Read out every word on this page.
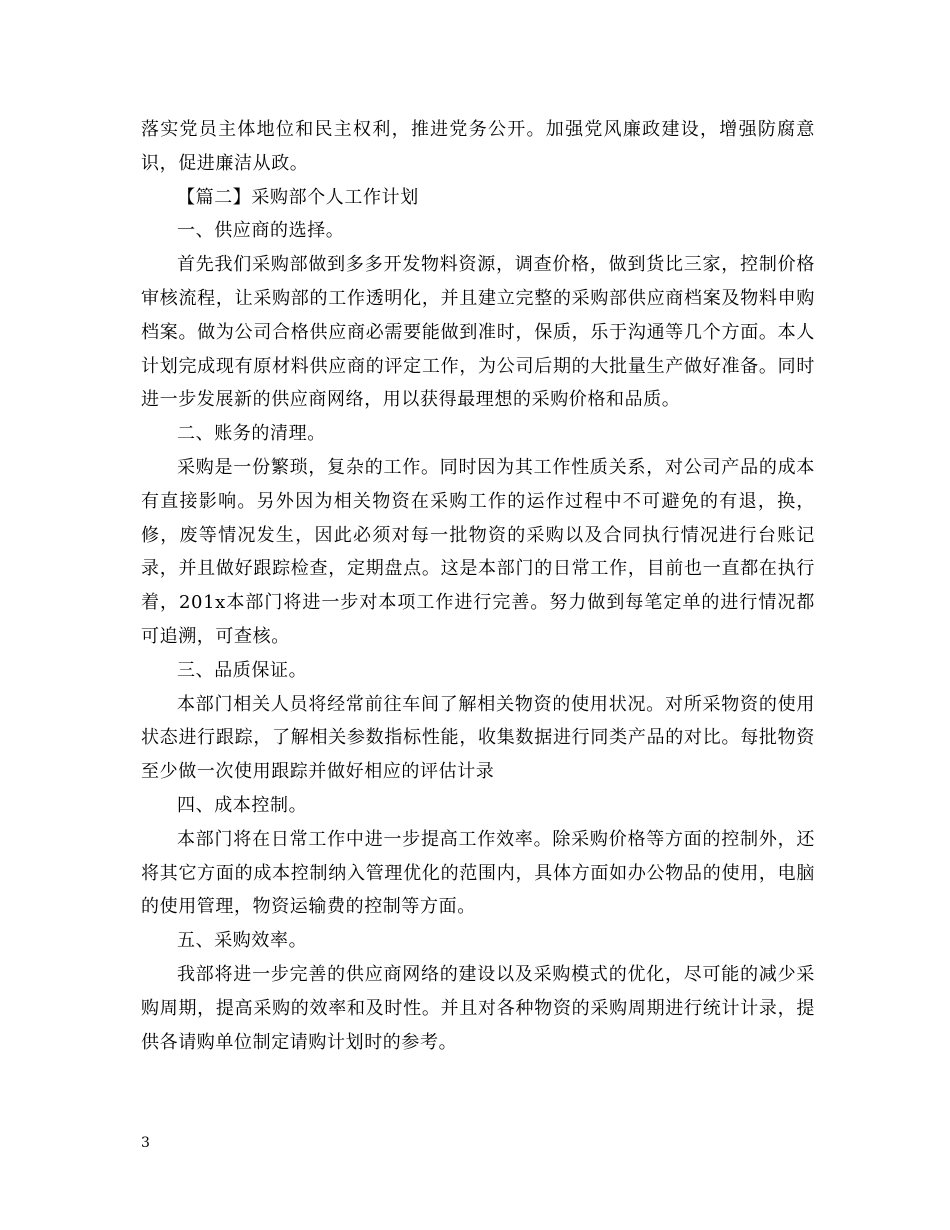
落实党员主体地位和民主权利，推进党务公开。加强党风廉政建设，增强防腐意识，促进廉洁从政。

【篇二】采购部个人工作计划

一、供应商的选择。

首先我们采购部做到多多开发物料资源，调查价格，做到货比三家，控制价格审核流程，让采购部的工作透明化，并且建立完整的采购部供应商档案及物料申购档案。做为公司合格供应商必需要能做到准时，保质，乐于沟通等几个方面。本人计划完成现有原材料供应商的评定工作，为公司后期的大批量生产做好准备。同时进一步发展新的供应商网络，用以获得最理想的采购价格和品质。

二、账务的清理。

采购是一份繁琐，复杂的工作。同时因为其工作性质关系，对公司产品的成本有直接影响。另外因为相关物资在采购工作的运作过程中不可避免的有退，换，修，废等情况发生，因此必须对每一批物资的采购以及合同执行情况进行台账记录，并且做好跟踪检查，定期盘点。这是本部门的日常工作，目前也一直都在执行着，201x本部门将进一步对本项工作进行完善。努力做到每笔定单的进行情况都可追溯，可查核。

三、品质保证。

本部门相关人员将经常前往车间了解相关物资的使用状况。对所采物资的使用状态进行跟踪，了解相关参数指标性能，收集数据进行同类产品的对比。每批物资至少做一次使用跟踪并做好相应的评估计录

四、成本控制。

本部门将在日常工作中进一步提高工作效率。除采购价格等方面的控制外，还将其它方面的成本控制纳入管理优化的范围内，具体方面如办公物品的使用，电脑的使用管理，物资运输费的控制等方面。

五、采购效率。

我部将进一步完善的供应商网络的建设以及采购模式的优化，尽可能的减少采购周期，提高采购的效率和及时性。并且对各种物资的采购周期进行统计计录，提供各请购单位制定请购计划时的参考。

3
